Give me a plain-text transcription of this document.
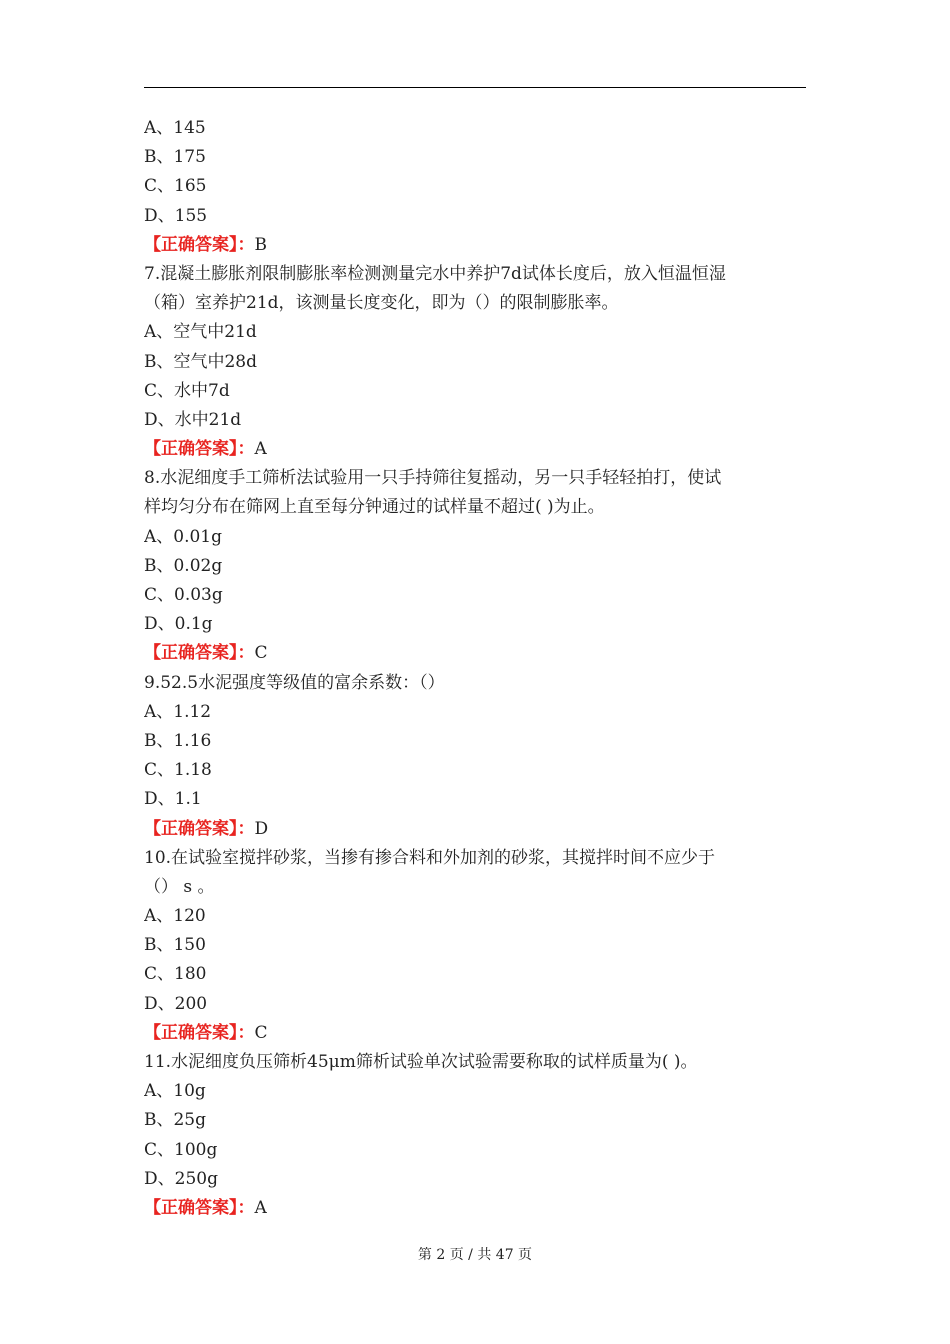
A、145
B、175
C、165
D、155
【正确答案】：B
7.混凝土膨胀剂限制膨胀率检测测量完水中养护7d试体长度后，放入恒温恒湿
（箱）室养护21d，该测量长度变化，即为（）的限制膨胀率。
A、空气中21d
B、空气中28d
C、水中7d
D、水中21d
【正确答案】：A
8.水泥细度手工筛析法试验用一只手持筛往复摇动，另一只手轻轻拍打，使试
样均匀分布在筛网上直至每分钟通过的试样量不超过( )为止。
A、0.01g
B、0.02g
C、0.03g
D、0.1g
【正确答案】：C
9.52.5水泥强度等级值的富余系数：（）
A、1.12
B、1.16
C、1.18
D、1.1
【正确答案】：D
10.在试验室搅拌砂浆，当掺有掺合料和外加剂的砂浆，其搅拌时间不应少于
（） s 。
A、120
B、150
C、180
D、200
【正确答案】：C
11.水泥细度负压筛析45μm筛析试验单次试验需要称取的试样质量为( )。
A、10g
B、25g
C、100g
D、250g
【正确答案】：A
第 2 页 / 共 47 页
